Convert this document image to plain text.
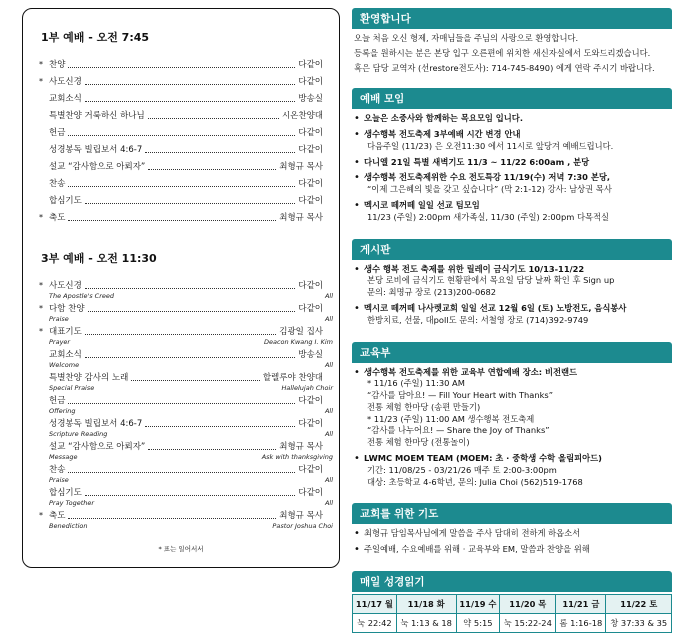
1부 예배 - 오전 7:45
* 찬양	다같이
* 사도신경	다같이
교회소식	방송실
특별찬양 거룩하신 하나님	시온찬양대
헌금	다같이
성경봉독 빌립보서 4:6-7	다같이
설교 “감사함으로 아뢰자”	최형규 목사
찬송	다같이
합심기도	다같이
* 축도	최형규 목사
3부 예배 - 오전 11:30
* 사도신경	다같이
The Apostle's Creed	All
* 다함 찬양	다같이
Praise	All
* 대표기도	김광일 집사
Prayer	Deacon Kwang I. Kim
교회소식	방송실
Welcome	All
특별찬양 감사의 노래	할렐루야 찬양대
Special Praise	Hallelujah Choir
헌금	다같이
Offering	All
성경봉독 빌립보서 4:6-7	다같이
Scripture Reading	All
설교 “감사함으로 아뢰자”	최형규 목사
Message	Ask with thanksgiving
찬송	다같이
Praise	All
합심기도	다같이
Pray Together	All
* 축도	최형규 목사
Benediction	Pastor Joshua Choi
* 표는 일어서서
환영합니다

오늘 처음 오신 형제, 자매님들을 주님의 사랑으로 환영합니다.

등록을 원하시는 분은 본당 입구 오른편에 위치한 새신자실에서 도와드리겠습니다.

혹은 담당 교역자 (선restore전도사): 714-745-8490) 에게 연락 주시기 바랍니다.

예배 모임
• 오늘은 소중사와 함께하는 목요모임 입니다.
• 생수행복 전도축제 3부예배 시간 변경 안내
다음주일 (11/23) 은 오전11:30 에서 11시로 앞당겨 예배드립니다.
• 다니엘 21일 특별 새벽기도 11/3 ~ 11/22 6:00am , 분당
• 생수행복 전도축제위한 수요 전도특강 11/19(수) 저녁 7:30 본당,
“이제 그은혜의 빛을 갖고 싶습니다” (막 2:1-12) 강사: 남상권 목사
• 멕시코 떼꺼떼 일일 선교 팀모임
11/23 (주일) 2:00pm 새가족실, 11/30 (주일) 2:00pm 다목적실
게시판
• 생수 행복 전도 축제를 위한 릴레이 금식기도 10/13-11/22
본당 로비에 금식기도 현황판에서 목요일 담당 날짜 확인 후 Sign up
문의: 최명규 장로 (213)200-0682
• 멕시코 떼꺼떼 나사렛교회 일일 선교 12월 6일 (토) 노방전도, 음식봉사
한방치료, 선물, 대poll도 문의: 서철영 장로 (714)392-9749
교육부
• 생수행복 전도축제를 위한 교육부 연합예배 장소: 비전랜드
* 11/16 (주일) 11:30 AM
“감사를 담아요! — Fill Your Heart with Thanks”
전통 체험 한마당 (송편 만들기)
* 11/23 (주일) 11:00 AM 생수행복 전도축제
“감사를 나누어요! — Share the Joy of Thanks”
전통 체험 한마당 (전통놀이)
• LWMC MOEM TEAM (MOEM: 초 · 중학생 수학 올림피아드)
기간: 11/08/25 - 03/21/26 매주 토 2:00-3:00pm
대상: 초등학교 4-6학년, 문의: Julia Choi (562)519-1768
교회를 위한 기도
• 최형규 담임목사님에게 말씀을 주사 담대히 전하게 하옵소서
• 주일예배, 수요예배를 위해 · 교육부와 EM, 말씀과 찬양을 위해
매일 성경읽기
11/17 월	11/18 화	11/19 수	11/20 목	11/21 금	11/22 토
눅 22:42	눅 1:13 & 18	약 5:15	눅 15:22-24	롬 1:16-18	창 37:33 & 35
